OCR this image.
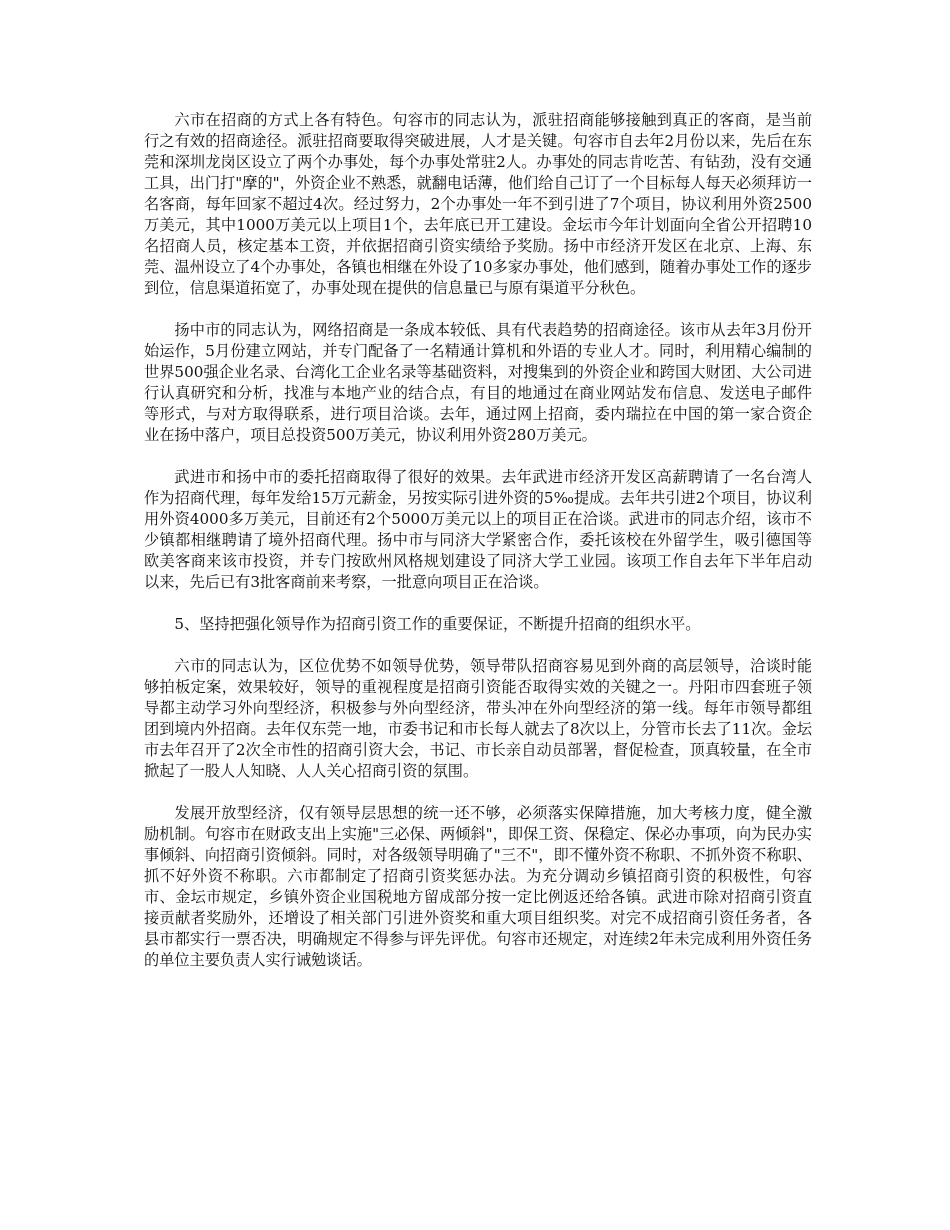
六市在招商的方式上各有特色。句容市的同志认为，派驻招商能够接触到真正的客商，是当前行之有效的招商途径。派驻招商要取得突破进展，人才是关键。句容市自去年2月份以来，先后在东莞和深圳龙岗区设立了两个办事处，每个办事处常驻2人。办事处的同志肯吃苦、有钻劲，没有交通工具，出门打"摩的"，外资企业不熟悉，就翻电话薄，他们给自己订了一个目标每人每天必须拜访一名客商，每年回家不超过4次。经过努力，2个办事处一年不到引进了7个项目，协议利用外资2500万美元，其中1000万美元以上项目1个，去年底已开工建设。金坛市今年计划面向全省公开招聘10名招商人员，核定基本工资，并依据招商引资实绩给予奖励。扬中市经济开发区在北京、上海、东莞、温州设立了4个办事处，各镇也相继在外设了10多家办事处，他们感到，随着办事处工作的逐步到位，信息渠道拓宽了，办事处现在提供的信息量已与原有渠道平分秋色。

扬中市的同志认为，网络招商是一条成本较低、具有代表趋势的招商途径。该市从去年3月份开始运作，5月份建立网站，并专门配备了一名精通计算机和外语的专业人才。同时，利用精心编制的世界500强企业名录、台湾化工企业名录等基础资料，对搜集到的外资企业和跨国大财团、大公司进行认真研究和分析，找准与本地产业的结合点，有目的地通过在商业网站发布信息、发送电子邮件等形式，与对方取得联系，进行项目洽谈。去年，通过网上招商，委内瑞拉在中国的第一家合资企业在扬中落户，项目总投资500万美元，协议利用外资280万美元。

武进市和扬中市的委托招商取得了很好的效果。去年武进市经济开发区高薪聘请了一名台湾人作为招商代理，每年发给15万元薪金，另按实际引进外资的5‰提成。去年共引进2个项目，协议利用外资4000多万美元，目前还有2个5000万美元以上的项目正在洽谈。武进市的同志介绍，该市不少镇都相继聘请了境外招商代理。扬中市与同济大学紧密合作，委托该校在外留学生，吸引德国等欧美客商来该市投资，并专门按欧州风格规划建设了同济大学工业园。该项工作自去年下半年启动以来，先后已有3批客商前来考察，一批意向项目正在洽谈。

5、坚持把强化领导作为招商引资工作的重要保证，不断提升招商的组织水平。

六市的同志认为，区位优势不如领导优势，领导带队招商容易见到外商的高层领导，洽谈时能够拍板定案，效果较好，领导的重视程度是招商引资能否取得实效的关键之一。丹阳市四套班子领导都主动学习外向型经济，积极参与外向型经济，带头冲在外向型经济的第一线。每年市领导都组团到境内外招商。去年仅东莞一地，市委书记和市长每人就去了8次以上，分管市长去了11次。金坛市去年召开了2次全市性的招商引资大会，书记、市长亲自动员部署，督促检查，顶真较量，在全市掀起了一股人人知晓、人人关心招商引资的氛围。

发展开放型经济，仅有领导层思想的统一还不够，必须落实保障措施，加大考核力度，健全激励机制。句容市在财政支出上实施"三必保、两倾斜"，即保工资、保稳定、保必办事项，向为民办实事倾斜、向招商引资倾斜。同时，对各级领导明确了"三不"，即不懂外资不称职、不抓外资不称职、抓不好外资不称职。六市都制定了招商引资奖惩办法。为充分调动乡镇招商引资的积极性，句容市、金坛市规定，乡镇外资企业国税地方留成部分按一定比例返还给各镇。武进市除对招商引资直接贡献者奖励外，还增设了相关部门引进外资奖和重大项目组织奖。对完不成招商引资任务者，各县市都实行一票否决，明确规定不得参与评先评优。句容市还规定，对连续2年未完成利用外资任务的单位主要负责人实行诫勉谈话。
